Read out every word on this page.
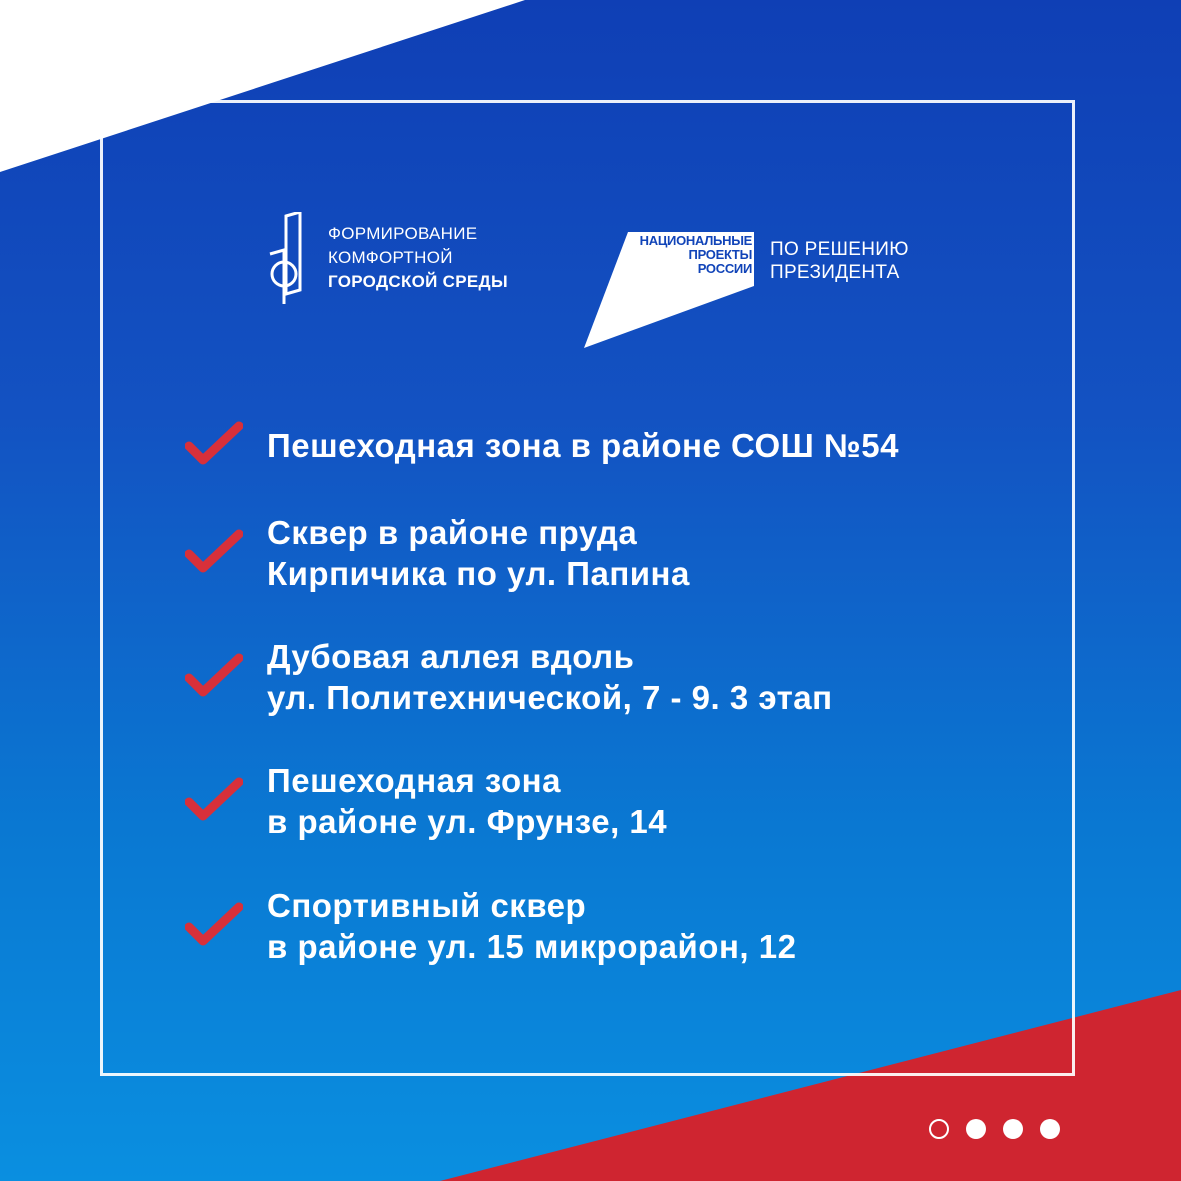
ФОРМИРОВАНИЕ
КОМФОРТНОЙ
ГОРОДСКОЙ СРЕДЫ
НАЦИОНАЛЬНЫЕ
ПРОЕКТЫ
РОССИИ
ПО РЕШЕНИЮ
ПРЕЗИДЕНТА
Пешеходная зона в районе СОШ №54
Сквер в районе пруда
Кирпичика по ул. Папина
Дубовая аллея вдоль
ул. Политехнической, 7 - 9. 3 этап
Пешеходная зона
в районе ул. Фрунзе, 14
Спортивный сквер
в районе ул. 15 микрорайон, 12
